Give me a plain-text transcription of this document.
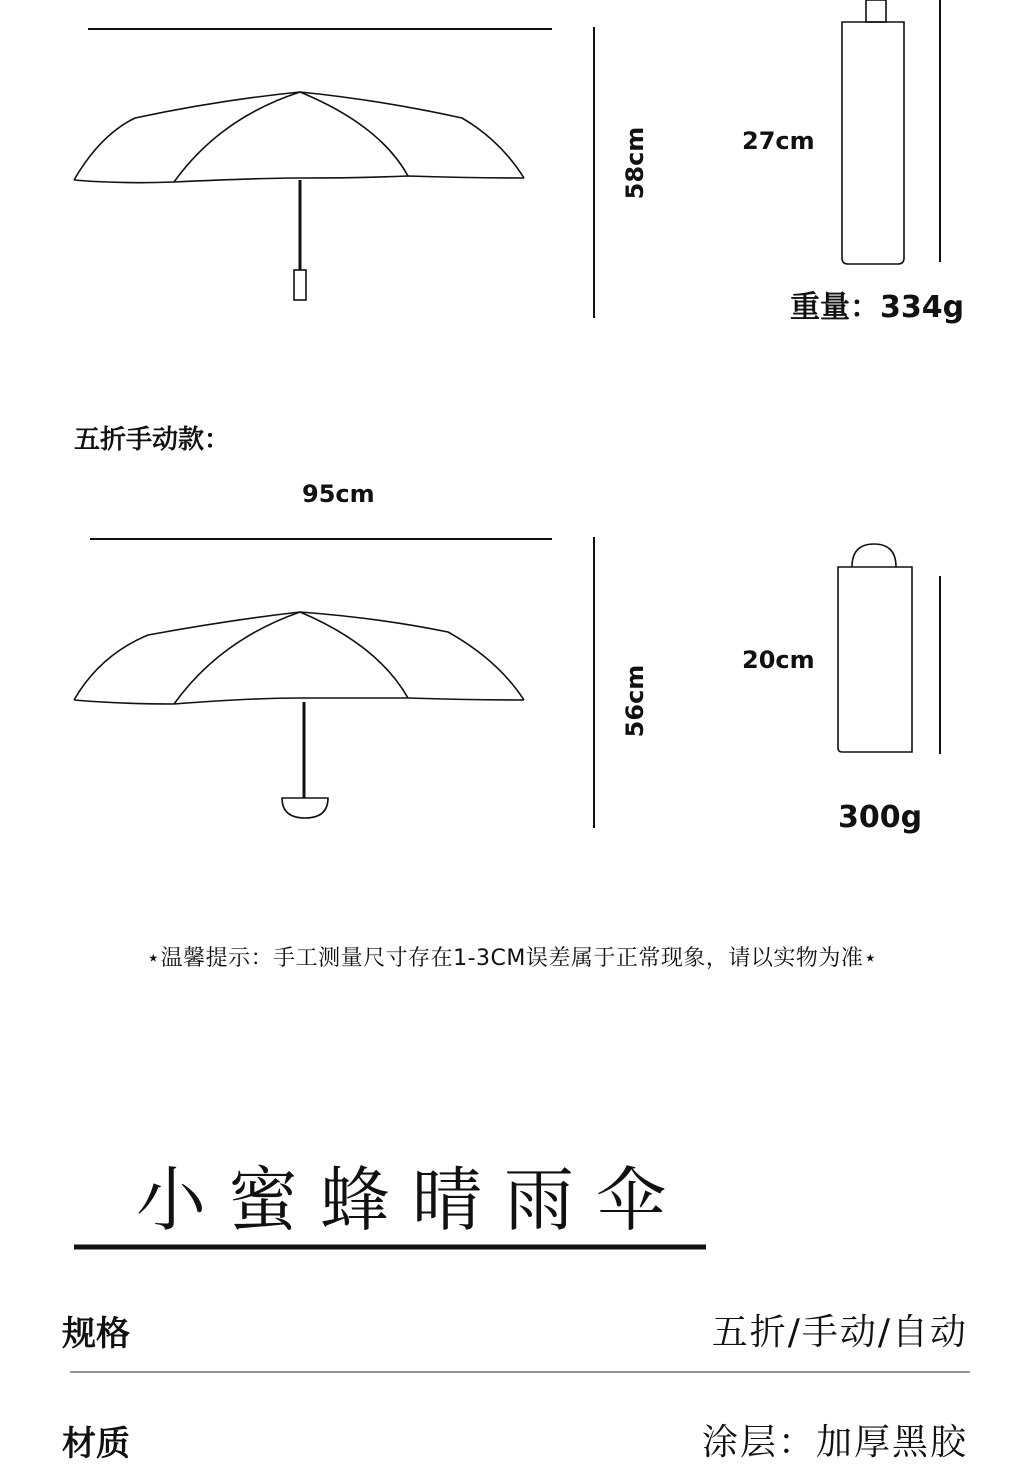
58cm	27cm
重量：334g
五折手动款：
95cm
56cm
20cm
300g
⋆温馨提示：手工测量尺寸存在1-3CM误差属于正常现象，请以实物为准⋆
小蜜蜂晴雨伞
规格	五折/手动/自动
材质	涂层：加厚黑胶
